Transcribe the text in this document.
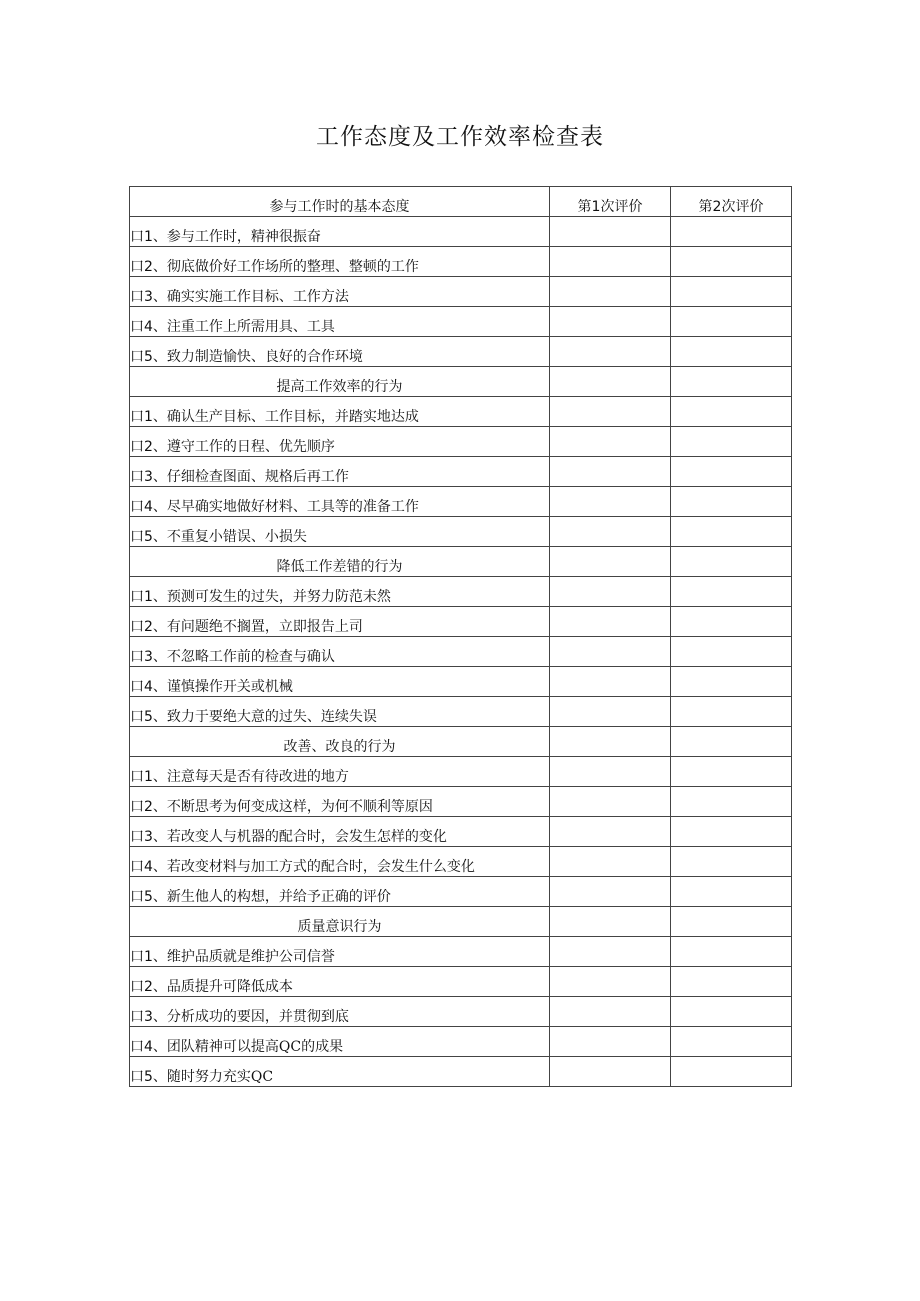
工作态度及工作效率检查表
参与工作时的基本态度	第1次评价	第2次评价
口1、参与工作时，精神很振奋		
口2、彻底做价好工作场所的整理、整顿的工作		
口3、确实实施工作目标、工作方法		
口4、注重工作上所需用具、工具		
口5、致力制造愉快、良好的合作环境		
提高工作效率的行为		
口1、确认生产目标、工作目标，并踏实地达成		
口2、遵守工作的日程、优先顺序		
口3、仔细检查图面、规格后再工作		
口4、尽早确实地做好材料、工具等的准备工作		
口5、不重复小错误、小损失		
降低工作差错的行为		
口1、预测可发生的过失，并努力防范未然		
口2、有问题绝不搁置，立即报告上司		
口3、不忽略工作前的检查与确认		
口4、谨慎操作开关或机械		
口5、致力于要绝大意的过失、连续失误		
改善、改良的行为		
口1、注意每天是否有待改进的地方		
口2、不断思考为何变成这样，为何不顺利等原因		
口3、若改变人与机器的配合时，会发生怎样的变化		
口4、若改变材料与加工方式的配合时，会发生什么变化		
口5、新生他人的构想，并给予正确的评价		
质量意识行为		
口1、维护品质就是维护公司信誉		
口2、品质提升可降低成本		
口3、分析成功的要因，并贯彻到底		
口4、团队精神可以提高QC的成果		
口5、随时努力充实QC		
